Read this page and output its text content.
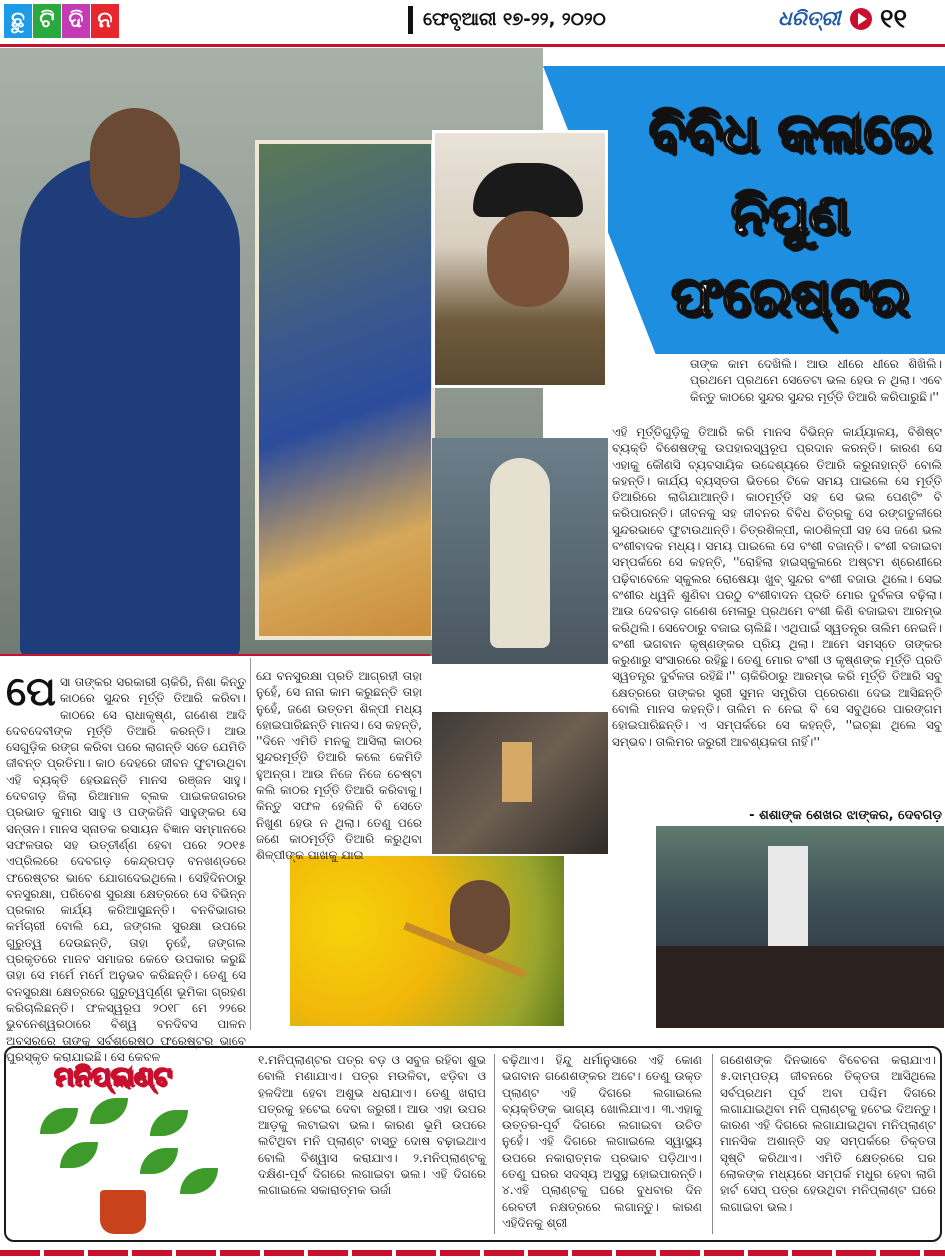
ଛୁ ଟି ଦି ନ	ଫେବୃଆରୀ ୧୭-୨୨, ୨୦୨୦	ଧରିତ୍ରୀ ୧୧
ବିବିଧ କଳାରେ
ନିପୁଣ
ଫରେଷ୍ଟର
ପେ ସା ତାଙ୍କର ସରକାରୀ ଚାକିରି, ନିଶା କିନ୍ତୁ କାଠରେ ସୁନ୍ଦର ମୂର୍ତ୍ତି ତିଆରି କରିବା। କାଠରେ ସେ ରାଧାକୃଷ୍ଣ, ଗଣେଶ ଆଦି ଦେବଦେବୀଙ୍କ ମୂର୍ତ୍ତି ତିଆରି କରନ୍ତି। ଆଉ ସେଗୁଡ଼ିକ ରଙ୍ଗ କରିବା ପରେ ଲାଗନ୍ତି ସତେ ଯେମିତି ଜୀବନ୍ତ ପ୍ରତିମା। କାଠ ଦେହରେ ଜୀବନ ଫୁଟାଉଥିବା ଏହି ବ୍ୟକ୍ତି ହେଉଛନ୍ତି ମାନସ ରଞ୍ଜନ ସାହୁ। ଦେବଗଡ଼ ଜିଲା ରିଆମାଳ ବ୍ଲକ ପାଇକଜଗରର ପ୍ରଭାତ କୁମାର ସାହୁ ଓ ପଙ୍କଜିନି ସାହୁଙ୍କର ସେ ସନ୍ତାନ। ମାନସ ସ୍ନାତକ ରସାୟନ ବିଜ୍ଞାନ ସମ୍ମାନରେ ସଫଳତାର ସହ ଉତ୍ତୀର୍ଣ୍ଣ ହେବା ପରେ ୨୦୧୫ ଏପ୍ରିଲରେ ଦେବଗଡ଼ କେନ୍ଦ୍ରପଡ଼ ବନଖଣ୍ଡରେ ଫରେଷ୍ଟର ଭାବେ ଯୋଗଦେଇଥିଲେ। ସେହିଦିନଠାରୁ ବନସୁରକ୍ଷା, ପରିବେଶ ସୁରକ୍ଷା କ୍ଷେତ୍ରରେ ସେ ବିଭିନ୍ନ ପ୍ରକାର କାର୍ଯ୍ୟ କରିଆସୁଛନ୍ତି। ବନବିଭାଗର କର୍ମଚାରୀ ବୋଲି ଯେ, ଜଙ୍ଗଲ ସୁରକ୍ଷା ଉପରେ ଗୁରୁତ୍ୱ ଦେଉଛନ୍ତି, ତାହା ନୁହେଁ, ଜଙ୍ଗଲ ପ୍ରକୃତରେ ମାନବ ସମାଜର କେତେ ଉପକାର କରୁଛି ତାହା ସେ ମର୍ମେ ମର୍ମେ ଅନୁଭବ କରିଛନ୍ତି। ତେଣୁ ସେ ବନସୁରକ୍ଷା କ୍ଷେତ୍ରରେ ଗୁରୁତ୍ୱପୂର୍ଣ୍ଣ ଭୂମିକା ଗ୍ରହଣ କରିଚାଲିଛନ୍ତି। ଫଳସ୍ୱରୂପ ୨୦୧୮ ମେ ୨୨ରେ ଭୁବନେଶ୍ୱରଠାରେ ବିଶ୍ୱ ବନଦିବସ ପାଳନ ଅବସରରେ ତାଙ୍କୁ ସର୍ବଶ୍ରେଷ୍ଠ ଫରେଷ୍ଟର ଭାବେ ପୁରସ୍କୃତ କରାଯାଇଛି। ସେ କେବଳ
ଯେ ବନସୁରକ୍ଷା ପ୍ରତି ଆଗ୍ରହୀ ତାହା ନୁହେଁ, ସେ ନାନା କାମ କରୁଛନ୍ତି ତାହା ନୁହେଁ, ଜଣେ ଉତ୍ତମ ଶିଳ୍ପୀ ମଧ୍ୟ ହୋଇପାରିଛନ୍ତି ମାନସ। ସେ କହନ୍ତି, ''ଦିନେ ଏମିତି ମନକୁ ଆସିଲା କାଠର ସୁନ୍ଦରମୂର୍ତ୍ତି ତିଆରି କଲେ କେମିତି ହୁଅନ୍ତା। ଆଉ ନିଜେ ନିଜେ ଚେଷ୍ଟା କଲି କାଠର ମୂର୍ତ୍ତି ତିଆରି କରିବାକୁ। କିନ୍ତୁ ସଫଳ ହେଲିନି ବି ସେତେ ନିଖୁଣ ହେଉ ନ ଥିଲା। ତେଣୁ ପରେ ଜଣେ କାଠମୂର୍ତ୍ତି ତିଆରି କରୁଥିବା ଶିଳ୍ପୀଙ୍କ ପାଖକୁ ଯାଇ
ତାଙ୍କ କାମ ଦେଖିଲି। ଆଉ ଧୀରେ ଧୀରେ ଶିଖିଲି। ପ୍ରଥମେ ପ୍ରଥମେ ସେତେଟା ଭଲ ହେଉ ନ ଥିଲା। ଏବେ କିନ୍ତୁ କାଠରେ ସୁନ୍ଦର ସୁନ୍ଦର ମୂର୍ତ୍ତି ତିଆରି କରିପାରୁଛି।''
ଏହି ମୂର୍ତ୍ତିଗୁଡ଼ିକୁ ତିଆରି କରି ମାନସ ବିଭିନ୍ନ କାର୍ଯ୍ୟାଳୟ, ବିଶିଷ୍ଟ ବ୍ୟକ୍ତି ବିଶେଷଙ୍କୁ ଉପହାରସ୍ୱରୂପ ପ୍ରଦାନ କରନ୍ତି। କାରଣ ସେ ଏହାକୁ କୌଣସି ବ୍ୟବସାୟିକ ଉଦ୍ଦେଶ୍ୟରେ ତିଆରି କରୁନାହାନ୍ତି ବୋଲି କହନ୍ତି। କାର୍ଯ୍ୟ ବ୍ୟସ୍ତତା ଭିତରେ ଟିକେ ସମୟ ପାଇଲେ ସେ ମୂର୍ତ୍ତି ତିଆରିରେ ଲାଗିଯାଆନ୍ତି। କାଠମୂର୍ତ୍ତି ସହ ସେ ଭଲ ପେଣ୍ଟିଂ ବି କରିପାରନ୍ତି। ଜୀବନକୁ ସହ ଜୀବନର ବିବିଧ ଚିତ୍ରକୁ ସେ ରଙ୍ଗତୁଳୀରେ ସୁନ୍ଦରଭାବେ ଫୁଟାଉଥାନ୍ତି। ଚିତ୍ରଶିଳ୍ପୀ, କାଠଶିଳ୍ପୀ ସହ ସେ ଜଣେ ଭଲ ବଂଶୀବାଦକ ମଧ୍ୟ। ସମୟ ପାଇଲେ ସେ ବଂଶୀ ବଜାନ୍ତି। ବଂଶୀ ବଜାଇବା ସମ୍ପର୍କରେ ସେ କହନ୍ତି, ''ରୋହିଲା ହାଇସ୍କୁଲରେ ଅଷ୍ଟମ ଶ୍ରେଣୀରେ ପଢ଼ିବାବେଳେ ସ୍କୁଲର ରୋଷେୟା ଖୁବ୍ ସୁନ୍ଦର ବଂଶୀ ବଜାଉ ଥିଲେ। ସେଇ ବଂଶୀର ଧ୍ୱନି ଶୁଣିବା ପରଠୁ ବଂଶୀବାଦନ ପ୍ରତି ମୋର ଦୁର୍ବଳତା ବଢ଼ିଲା। ଆଉ ଦେବଗଡ଼ ଗଣେଶ ମେଳାରୁ ପ୍ରଥମେ ବଂଶୀ କିଣି ବଜାଇବା ଆରମ୍ଭ କରିଥିଲି। ସେବେଠାରୁ ବଜାଇ ଚାଲିଛି। ଏଥିପାଇଁ ସ୍ୱତନ୍ତ୍ର ତାଲିମ ନେଇନି। ବଂଶୀ ଭଗବାନ କୃଷ୍ଣଙ୍କର ପ୍ରିୟ ଥିଲା। ଆମେ ସମସ୍ତେ ତାଙ୍କର କରୁଣାରୁ ସଂସାରରେ ରହିଛୁ। ତେଣୁ ମୋର ବଂଶୀ ଓ କୃଷ୍ଣଙ୍କ ମୂର୍ତ୍ତି ପ୍ରତି ସ୍ୱତନ୍ତ୍ର ଦୁର୍ବଳତା ରହିଛି।'' ଚାକିରିଠାରୁ ଆରମ୍ଭ କରି ମୂର୍ତ୍ତି ତିଆରି ସବୁ କ୍ଷେତ୍ରରେ ତାଙ୍କର ସ୍ତ୍ରୀ ସୁମନ ସମ୍ପ୍ରିତା ପ୍ରେରଣା ଦେଇ ଆସିଛନ୍ତି ବୋଲି ମାନସ କହନ୍ତି। ତାଲିମ ନ ନେଇ ବି ସେ ସବୁଥିରେ ପାରଙ୍ଗମ ହୋଇପାରିଛନ୍ତି। ଏ ସମ୍ପର୍କରେ ସେ କହନ୍ତି, ''ଇଚ୍ଛା ଥିଲେ ସବୁ ସମ୍ଭବ। ତାଲିମର ଜରୁରୀ ଆବଶ୍ୟକତା ନାହିଁ।''
- ଶଶାଙ୍କ ଶେଖର ଝାଙ୍କର, ଦେବଗଡ଼
ମନିପ୍ଲାଣ୍ଟ
୧.ମନିପ୍ଲାଣ୍ଟର ପତ୍ର ବଡ଼ ଓ ସବୁଜ ରହିବା ଶୁଭ ବୋଲି ମଣାଯାଏ। ପତ୍ର ମଉଳିବା, ଝଡ଼ିବା ଓ ହଳଦିଆ ହେବା ଅଶୁଭ ଧରାଯାଏ। ତେଣୁ ଖରାପ ପତ୍ରକୁ ହଟେଇ ଦେବା ଜରୁରୀ। ଆଉ ଏହା ଉପର ଆଡ଼କୁ ଲଟାଇବା ଭଲ। କାରଣ ଭୂମି ଉପରେ ଲଟିଥିବା ମନି ପ୍ଲାଣ୍ଟ ବାସ୍ତୁ ଦୋଷ ବଢ଼ାଇଥାଏ ବୋଲି ବିଶ୍ୱାସ କରାଯାଏ। ୨.ମନିପ୍ଲାଣ୍ଟକୁ ଦକ୍ଷିଣ-ପୂର୍ବ ଦିଗରେ ଲଗାଇବା ଭଲ। ଏହି ଦିଗରେ ଲଗାଇଲେ ସକାରାତ୍ମକ ଊର୍ଜା
ବଢ଼ିଥାଏ। ହିନ୍ଦୁ ଧର୍ମାନୁସାରେ ଏହି କୋଣ ଭଗବାନ ଗଣେଶଙ୍କର ଅଟେ। ତେଣୁ ଉକ୍ତ ପ୍ଲାଣ୍ଟ ଏହି ଦିଗରେ ଲଗାଇଲେ ବ୍ୟକ୍ତିଙ୍କ ଭାଗ୍ୟ ଖୋଲିଯାଏ। ୩.ଏହାକୁ ଉତ୍ତର-ପୂର୍ବ ଦିଗରେ ଲଗାଇବା ଉଚିତ ନୁହେଁ। ଏହି ଦିଗରେ ଲଗାଇଲେ ସ୍ୱାସ୍ଥ୍ୟ ଉପରେ ନକାରାତ୍ମକ ପ୍ରଭାବ ପଡ଼ିଥାଏ। ତେଣୁ ଘରର ସଦସ୍ୟ ଅସୁସ୍ଥ ହୋଇପାରନ୍ତି। ୪.ଏହି ପ୍ଲାଣ୍ଟକୁ ଘରେ ବୁଧବାର ଦିନ ରେବତୀ ନକ୍ଷତ୍ରରେ ଲଗାନ୍ତୁ। କାରଣ ଏହିଦିନକୁ ଶ୍ରୀ
ଗଣେଶଙ୍କ ଦିନଭାବେ ବିବେଚନା କରାଯାଏ। ୫.ଦାମ୍ପତ୍ୟ ଜୀବନରେ ତିକ୍ତତା ଆସିଥିଲେ ସର୍ବପ୍ରଥମ ପୂର୍ବ ଅବା ପଶ୍ଚିମ ଦିଗରେ ଲଗାଯାଇଥିବା ମନି ପ୍ଲାଣ୍ଟକୁ ହଟେଇ ଦିଅନ୍ତୁ। କାରଣ ଏହି ଦିଗରେ ଲଗାଯାଇଥିବା ମନିପ୍ଲାଣ୍ଟ ମାନସିକ ଅଶାନ୍ତି ସହ ସମ୍ପର୍କରେ ତିକ୍ତତା ସୃଷ୍ଟି କରିଥାଏ। ଏମିତି କ୍ଷେତ୍ରରେ ଘର ଲୋକଙ୍କ ମଧ୍ୟରେ ସମ୍ପର୍କ ମଧୁର ହେବା ଲାଗି ହାର୍ଟ ସେପ୍ ପତ୍ର ହେଉଥିବା ମନିପ୍ଲାଣ୍ଟ ଘରେ ଲଗାଇବା ଭଲ।
